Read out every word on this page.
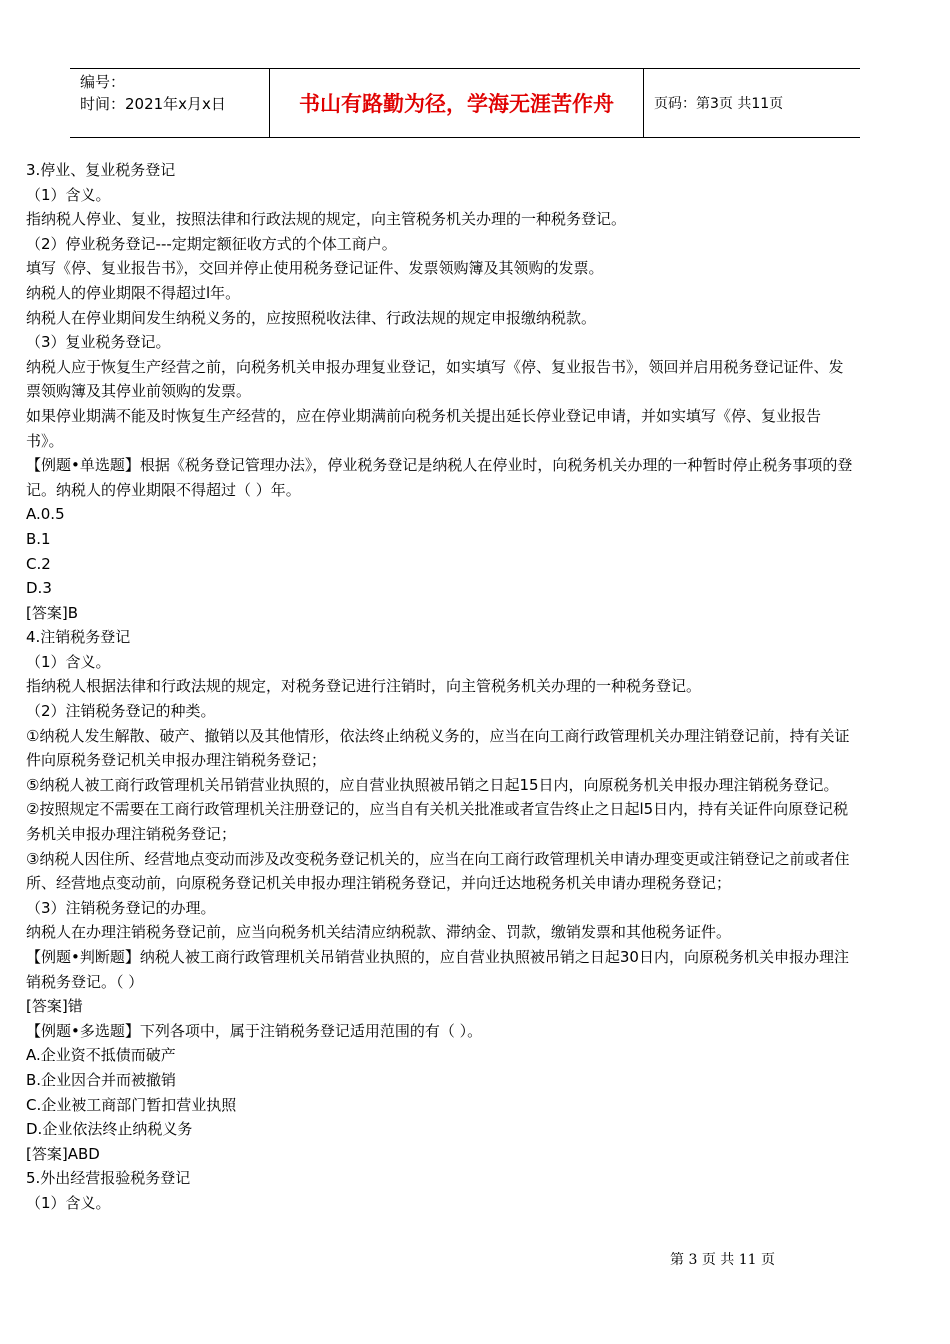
编号：
时间：2021年x月x日	书山有路勤为径，学海无涯苦作舟	页码：第3页 共11页
3.停业、复业税务登记
（1）含义。
指纳税人停业、复业，按照法律和行政法规的规定，向主管税务机关办理的一种税务登记。
（2）停业税务登记---定期定额征收方式的个体工商户。
填写《停、复业报告书》，交回并停止使用税务登记证件、发票领购簿及其领购的发票。
纳税人的停业期限不得超过l年。
纳税人在停业期间发生纳税义务的，应按照税收法律、行政法规的规定申报缴纳税款。
（3）复业税务登记。
纳税人应于恢复生产经营之前，向税务机关申报办理复业登记，如实填写《停、复业报告书》，领回并启用税务登记证件、发
票领购簿及其停业前领购的发票。
如果停业期满不能及时恢复生产经营的，应在停业期满前向税务机关提出延长停业登记申请，并如实填写《停、复业报告
书》。
【例题•单选题】根据《税务登记管理办法》，停业税务登记是纳税人在停业时，向税务机关办理的一种暂时停止税务事项的登
记。纳税人的停业期限不得超过（ ）年。
A.0.5
B.1
C.2
D.3
[答案]B
4.注销税务登记
（1）含义。
指纳税人根据法律和行政法规的规定，对税务登记进行注销时，向主管税务机关办理的一种税务登记。
（2）注销税务登记的种类。
①纳税人发生解散、破产、撤销以及其他情形，依法终止纳税义务的，应当在向工商行政管理机关办理注销登记前，持有关证
件向原税务登记机关申报办理注销税务登记；
⑤纳税人被工商行政管理机关吊销营业执照的，应自营业执照被吊销之日起15日内，向原税务机关申报办理注销税务登记。
②按照规定不需要在工商行政管理机关注册登记的，应当自有关机关批准或者宣告终止之日起l5日内，持有关证件向原登记税
务机关申报办理注销税务登记；
③纳税人因住所、经营地点变动而涉及改变税务登记机关的，应当在向工商行政管理机关申请办理变更或注销登记之前或者住
所、经营地点变动前，向原税务登记机关申报办理注销税务登记，并向迁达地税务机关申请办理税务登记；
（3）注销税务登记的办理。
纳税人在办理注销税务登记前，应当向税务机关结清应纳税款、滞纳金、罚款，缴销发票和其他税务证件。
【例题•判断题】纳税人被工商行政管理机关吊销营业执照的，应自营业执照被吊销之日起30日内，向原税务机关申报办理注
销税务登记。（ ）
[答案]错
【例题•多选题】下列各项中，属于注销税务登记适用范围的有（ ）。
A.企业资不抵债而破产
B.企业因合并而被撤销
C.企业被工商部门暂扣营业执照
D.企业依法终止纳税义务
[答案]ABD
5.外出经营报验税务登记
（1）含义。
第 3 页 共 11 页
